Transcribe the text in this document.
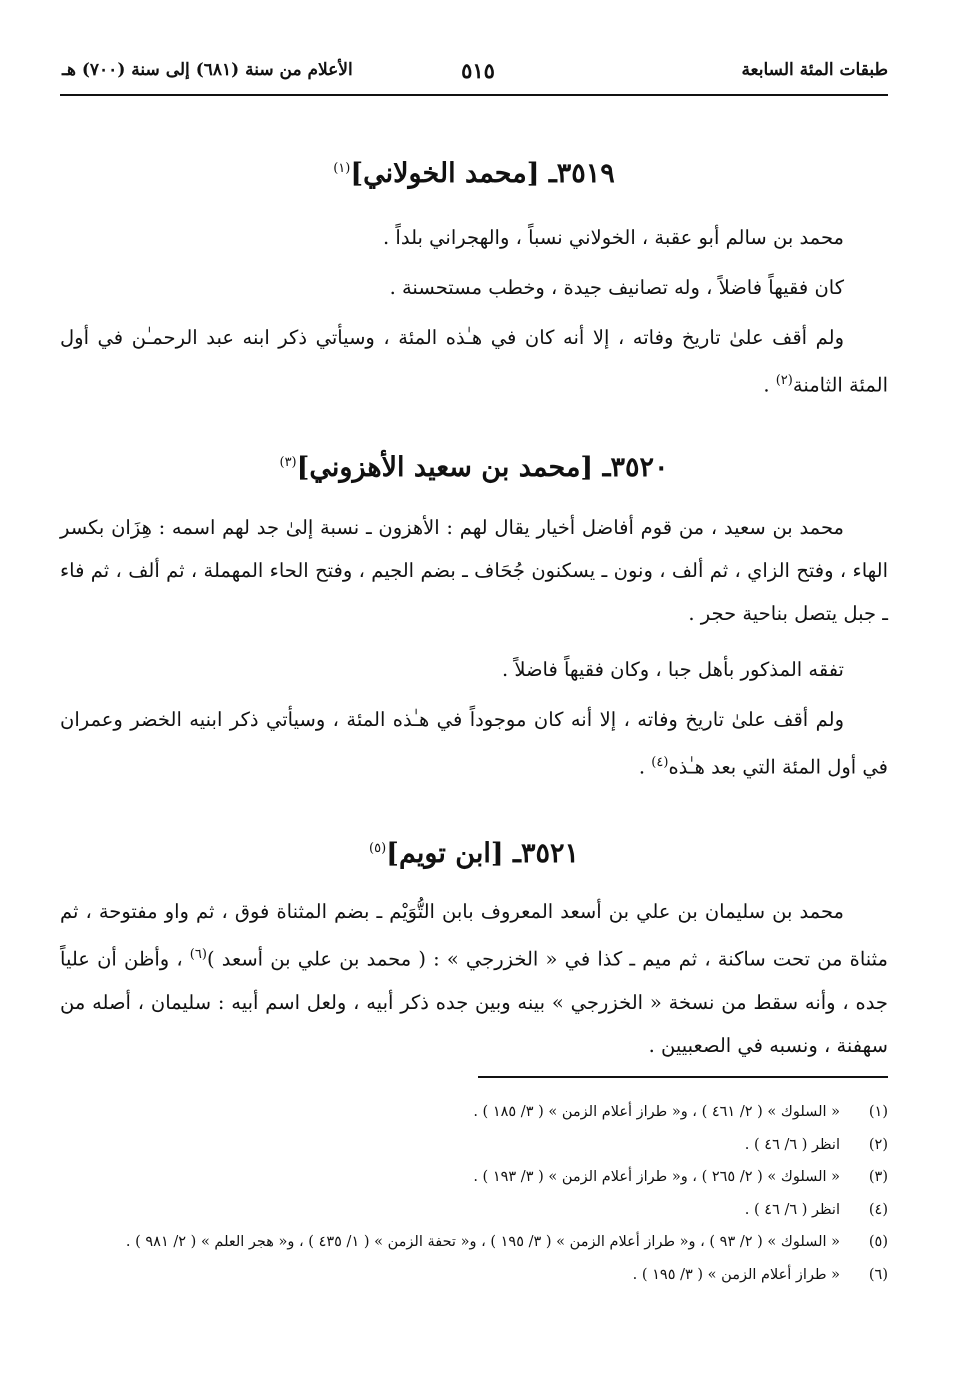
طبقات المئة السابعة
٥١٥
الأعلام من سنة (٦٨١) إلى سنة (٧٠٠) هـ
٣٥١٩ـ [محمد الخولاني]$^{(١)}$
محمد بن سالم أبو عقبة ، الخولاني نسباً ، والهجراني بلداً .
كان فقيهاً فاضلاً ، وله تصانيف جيدة ، وخطب مستحسنة .
ولم أقف علىٰ تاريخ وفاته ، إلا أنه كان في هـٰذه المئة ، وسيأتي ذكر ابنه عبد الرحمـٰن في أول المئة الثامنة$^{(٢)}$ .
٣٥٢٠ـ [محمد بن سعيد الأهزوني]$^{(٣)}$
محمد بن سعيد ، من قوم أفاضل أخيار يقال لهم : الأهزون ـ نسبة إلىٰ جد لهم اسمه : هِزَان بكسر الهاء ، وفتح الزاي ، ثم ألف ، ونون ـ يسكنون جُحَاف ـ بضم الجيم ، وفتح الحاء المهملة ، ثم ألف ، ثم فاء ـ جبل يتصل بناحية حجر .
تفقه المذكور بأهل جبا ، وكان فقيهاً فاضلاً .
ولم أقف علىٰ تاريخ وفاته ، إلا أنه كان موجوداً في هـٰذه المئة ، وسيأتي ذكر ابنيه الخضر وعمران في أول المئة التي بعد هـٰذه$^{(٤)}$ .
٣٥٢١ـ [ابن تويم]$^{(٥)}$
محمد بن سليمان بن علي بن أسعد المعروف بابن التُّوَيْم ـ بضم المثناة فوق ، ثم واو مفتوحة ، ثم مثناة من تحت ساكنة ، ثم ميم ـ كذا في « الخزرجي » : ( محمد بن علي بن أسعد )$^{(٦)}$ ، وأظن أن علياً جده ، وأنه سقط من نسخة « الخزرجي » بينه وبين جده ذكر أبيه ، ولعل اسم أبيه : سليمان ، أصله من سهفنة ، ونسبه في الصعبيين .
(١)
« السلوك » ( ٢/ ٤٦١ ) ، و« طراز أعلام الزمن » ( ٣/ ١٨٥ ) .
(٢)
انظر ( ٦/ ٤٦ ) .
(٣)
« السلوك » ( ٢/ ٢٦٥ ) ، و« طراز أعلام الزمن » ( ٣/ ١٩٣ ) .
(٤)
انظر ( ٦/ ٤٦ ) .
(٥)
« السلوك » ( ٢/ ٩٣ ) ، و« طراز أعلام الزمن » ( ٣/ ١٩٥ ) ، و« تحفة الزمن » ( ١/ ٤٣٥ ) ، و« هجر العلم » ( ٢/ ٩٨١ ) .
(٦)
« طراز أعلام الزمن » ( ٣/ ١٩٥ ) .
